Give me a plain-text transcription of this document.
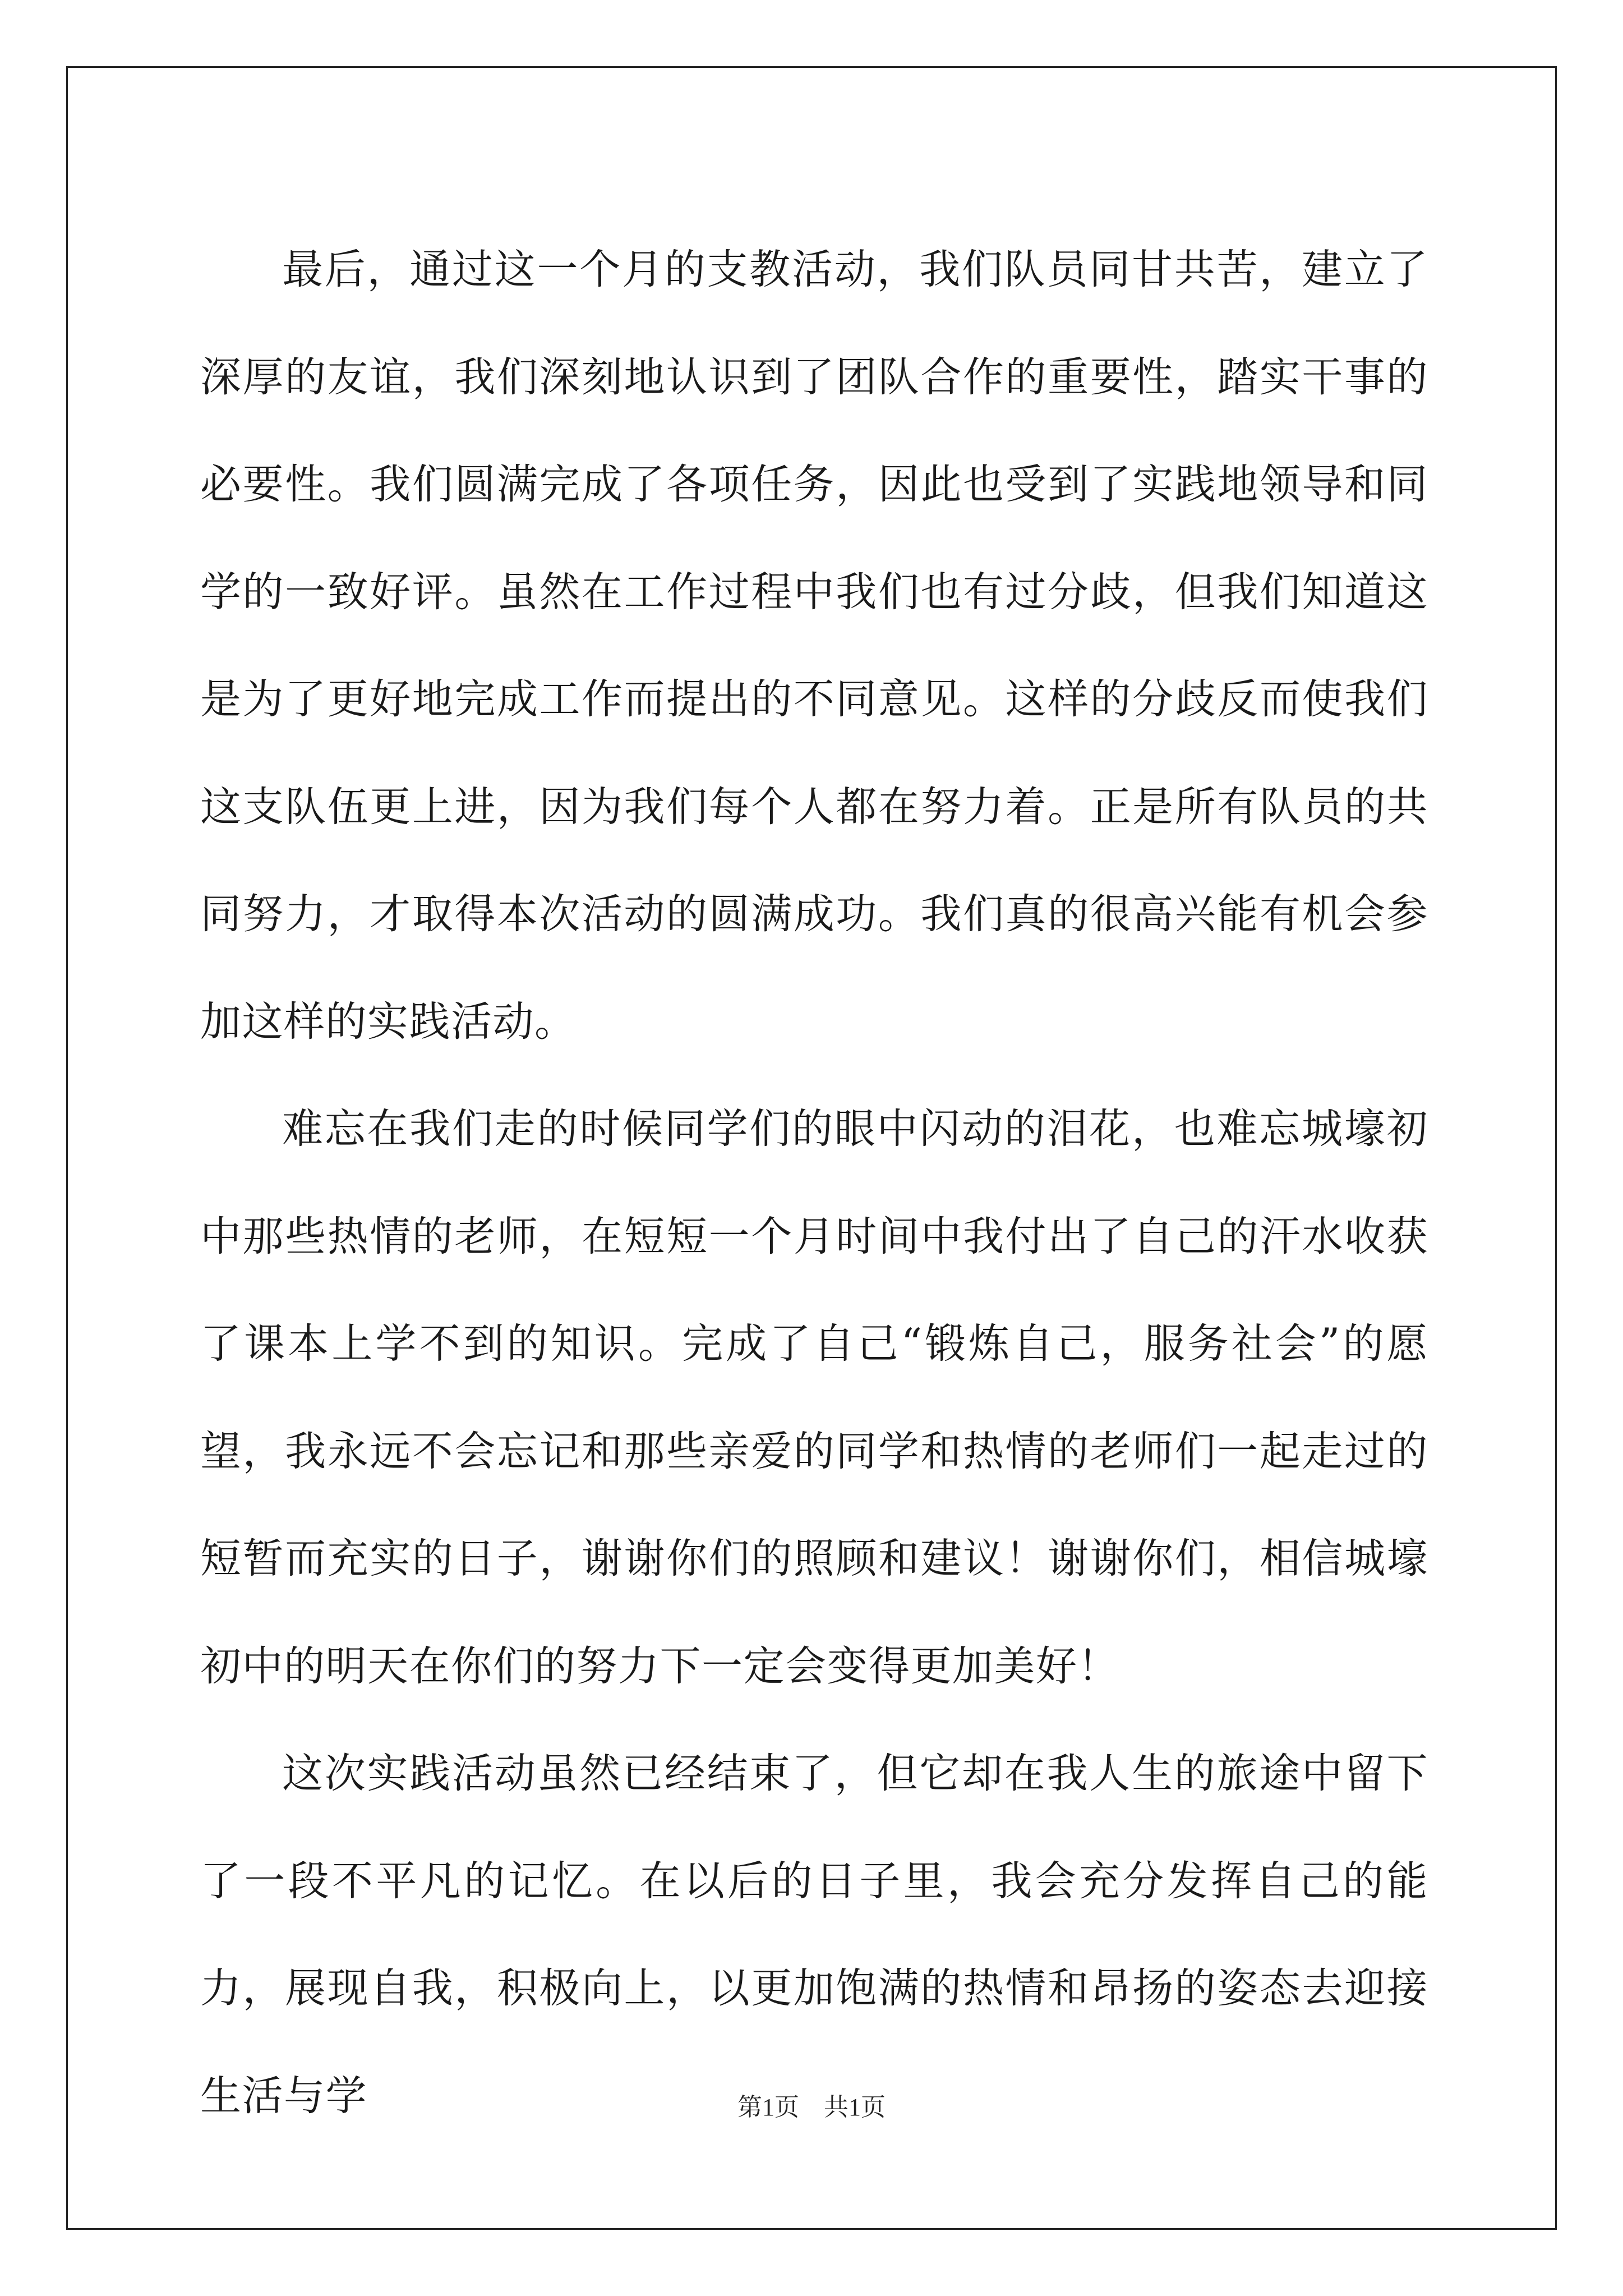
最后，通过这一个月的支教活动，我们队员同甘共苦，建立了深厚的友谊，我们深刻地认识到了团队合作的重要性，踏实干事的必要性。我们圆满完成了各项任务，因此也受到了实践地领导和同学的一致好评。虽然在工作过程中我们也有过分歧，但我们知道这是为了更好地完成工作而提出的不同意见。这样的分歧反而使我们这支队伍更上进，因为我们每个人都在努力着。正是所有队员的共同努力，才取得本次活动的圆满成功。我们真的很高兴能有机会参加这样的实践活动。

难忘在我们走的时候同学们的眼中闪动的泪花，也难忘城壕初中那些热情的老师，在短短一个月时间中我付出了自己的汗水收获了课本上学不到的知识。完成了自己“锻炼自己，服务社会”的愿望，我永远不会忘记和那些亲爱的同学和热情的老师们一起走过的短暂而充实的日子，谢谢你们的照顾和建议！谢谢你们，相信城壕初中的明天在你们的努力下一定会变得更加美好！

这次实践活动虽然已经结束了，但它却在我人生的旅途中留下了一段不平凡的记忆。在以后的日子里，我会充分发挥自己的能力，展现自我，积极向上，以更加饱满的热情和昂扬的姿态去迎接生活与学	第1页 共1页
